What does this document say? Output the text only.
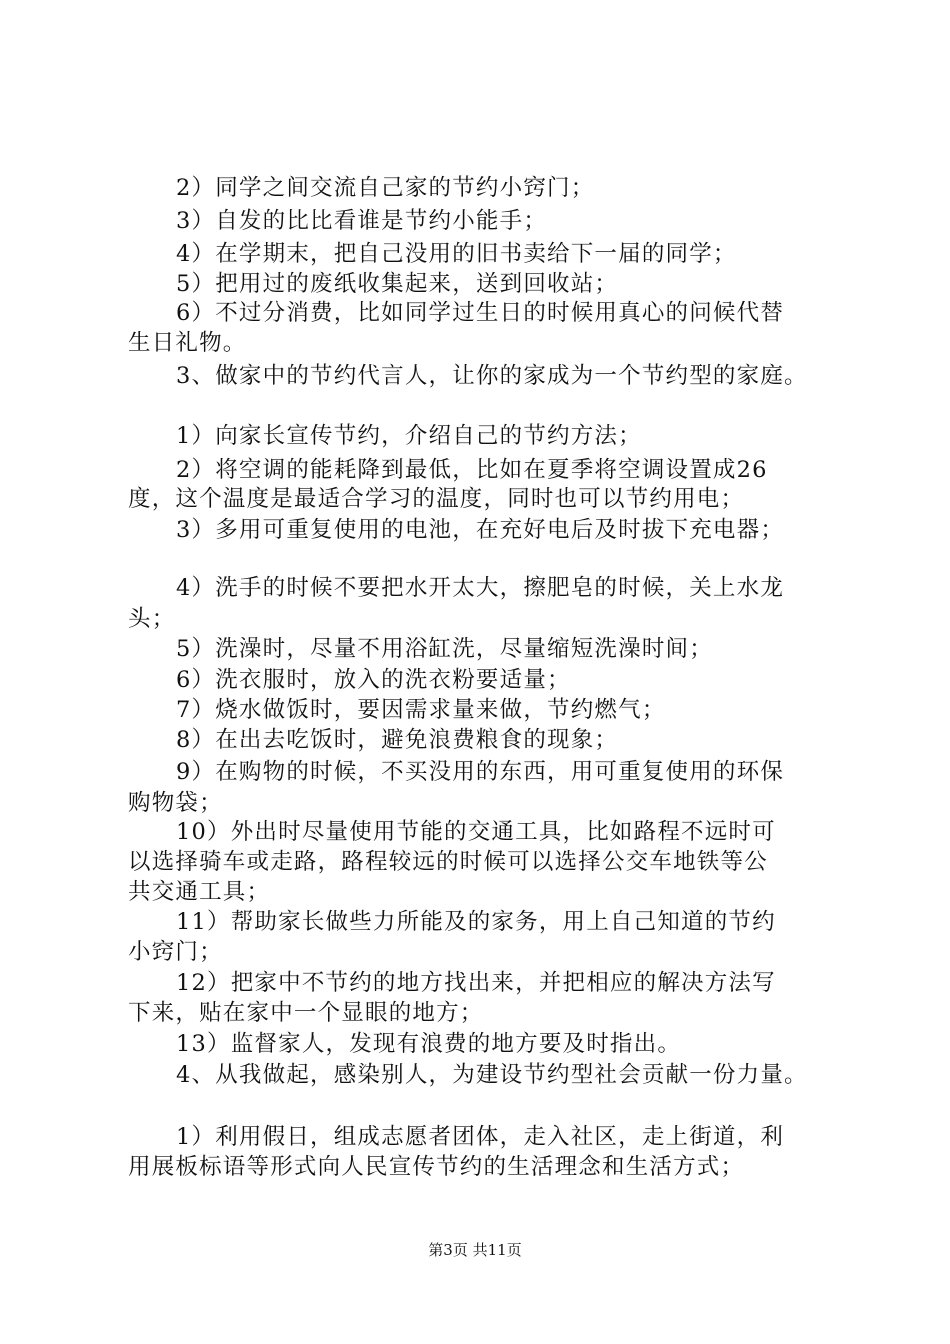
2）同学之间交流自己家的节约小窍门；
3）自发的比比看谁是节约小能手；
4）在学期末，把自己没用的旧书卖给下一届的同学；
5）把用过的废纸收集起来，送到回收站；
6）不过分消费，比如同学过生日的时候用真心的问候代替
生日礼物。
3、做家中的节约代言人，让你的家成为一个节约型的家庭。
1）向家长宣传节约，介绍自己的节约方法；
2）将空调的能耗降到最低，比如在夏季将空调设置成26
度，这个温度是最适合学习的温度，同时也可以节约用电；
3）多用可重复使用的电池，在充好电后及时拔下充电器；
4）洗手的时候不要把水开太大，擦肥皂的时候，关上水龙
头；
5）洗澡时，尽量不用浴缸洗，尽量缩短洗澡时间；
6）洗衣服时，放入的洗衣粉要适量；
7）烧水做饭时，要因需求量来做，节约燃气；
8）在出去吃饭时，避免浪费粮食的现象；
9）在购物的时候，不买没用的东西，用可重复使用的环保
购物袋；
10）外出时尽量使用节能的交通工具，比如路程不远时可
以选择骑车或走路，路程较远的时候可以选择公交车地铁等公
共交通工具；
11）帮助家长做些力所能及的家务，用上自己知道的节约
小窍门；
12）把家中不节约的地方找出来，并把相应的解决方法写
下来，贴在家中一个显眼的地方；
13）监督家人，发现有浪费的地方要及时指出。
4、从我做起，感染别人，为建设节约型社会贡献一份力量。
1）利用假日，组成志愿者团体，走入社区，走上街道，利
用展板标语等形式向人民宣传节约的生活理念和生活方式；
第3页 共11页
